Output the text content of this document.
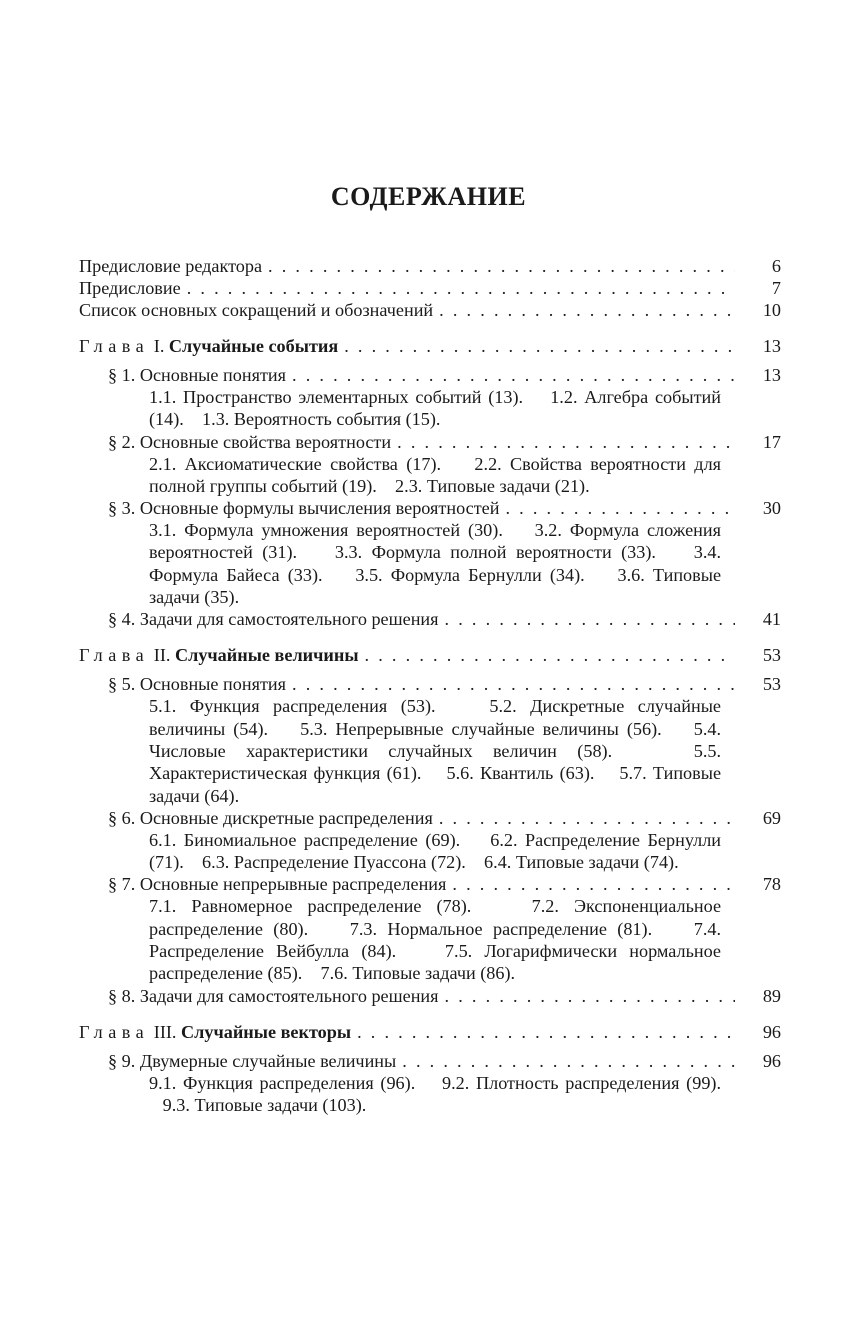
СОДЕРЖАНИЕ
Предисловие редактора . . .	6
Предисловие . . .	7
Список основных сокращений и обозначений . . .	10
Глава I. Случайные события . . .	13
§ 1. Основные понятия . . .	13
1.1. Пространство элементарных событий (13). 1.2. Алгебра событий (14). 1.3. Вероятность события (15).
§ 2. Основные свойства вероятности . . .	17
2.1. Аксиоматические свойства (17). 2.2. Свойства вероятности для полной группы событий (19). 2.3. Типовые задачи (21).
§ 3. Основные формулы вычисления вероятностей . . .	30
3.1. Формула умножения вероятностей (30). 3.2. Формула сложения вероятностей (31). 3.3. Формула полной вероятности (33). 3.4. Формула Байеса (33). 3.5. Формула Бернулли (34). 3.6. Типовые задачи (35).
§ 4. Задачи для самостоятельного решения . . .	41
Глава II. Случайные величины . . .	53
§ 5. Основные понятия . . .	53
5.1. Функция распределения (53).	5.2. Дискретные случайные величины (54). 5.3. Непрерывные случайные величины (56). 5.4. Числовые характеристики случайных величин (58).	5.5. Характеристическая функция (61). 5.6. Квантиль (63). 5.7. Типовые задачи (64).
§ 6. Основные дискретные распределения . . .	69
6.1. Биномиальное распределение (69). 6.2. Распределение Бернулли (71). 6.3. Распределение Пуассона (72). 6.4. Типовые задачи (74).
§ 7. Основные непрерывные распределения . . .	78
7.1. Равномерное распределение (78).	7.2. Экспоненциальное распределение (80). 7.3. Нормальное распределение (81). 7.4. Распределение Вейбулла (84).	7.5. Логарифмически нормальное распределение (85). 7.6. Типовые задачи (86).
§ 8. Задачи для самостоятельного решения . . .	89
Глава III. Случайные векторы . . .	96
§ 9. Двумерные случайные величины . . .	96
9.1. Функция распределения (96). 9.2. Плотность распределения (99). 9.3. Типовые задачи (103).
